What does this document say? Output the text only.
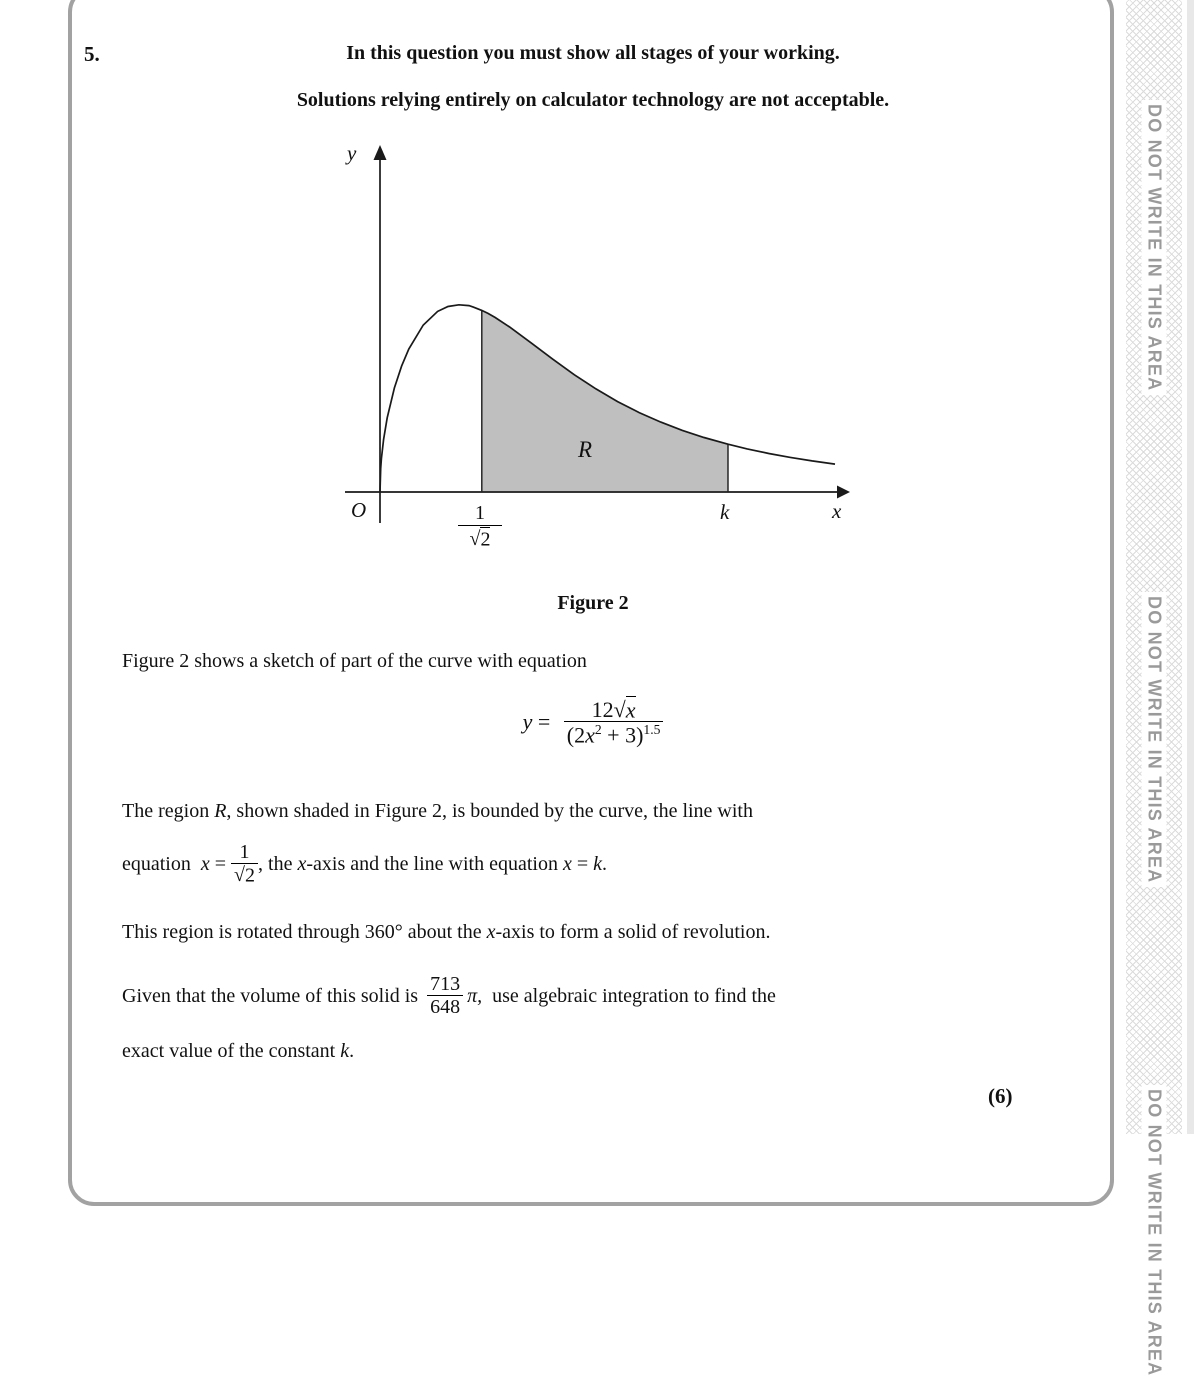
5.	In this question you must show all stages of your working.
Solutions relying entirely on calculator technology are not acceptable.
y
x
O
R
k
$\frac{1}{√2}$
Figure 2
Figure 2 shows a sketch of part of the curve with equation
$y = \frac{12√x}{(2x^2 + 3)^{1.5}}$
The region R, shown shaded in Figure 2, is bounded by the curve, the line with
equation $x = \frac{1}{√2}$ , the x -axis and the line with equation x = k .
This region is rotated through 360° about the x-axis to form a solid of revolution.
Given that the volume of this solid is $\frac{713}{648} \pi$, use algebraic integration to find the
exact value of the constant k.
(6)
DO NOT WRITE IN THIS AREA
DO NOT WRITE IN THIS AREA
DO NOT WRITE IN THIS AREA
